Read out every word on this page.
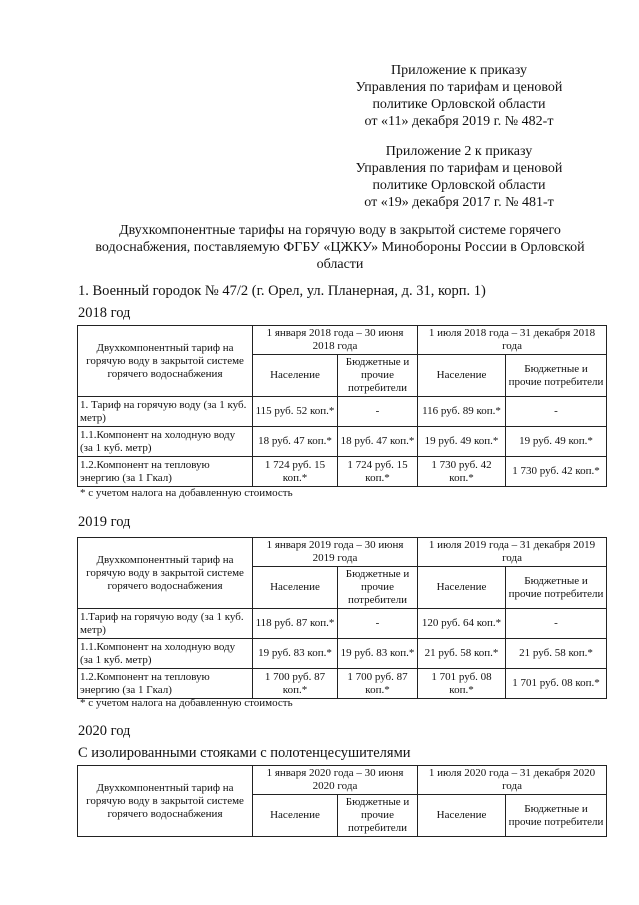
Приложение к приказу
Управления по тарифам и ценовой
политике Орловской области
от «11» декабря 2019 г. № 482-т
Приложение 2 к приказу
Управления по тарифам и ценовой
политике Орловской области
от «19» декабря 2017 г. № 481-т
Двухкомпонентные тарифы на горячую воду в закрытой системе горячего
водоснабжения, поставляемую ФГБУ «ЦЖКУ» Минобороны России в Орловской
области
1. Военный городок № 47/2 (г. Орел, ул. Планерная, д. 31, корп. 1)
2018 год
Двухкомпонентный тариф на горячую воду в закрытой системе горячего водоснабжения	1 января 2018 года – 30 июня 2018 года		1 июля 2018 года – 31 декабря 2018 года	
	Население	Бюджетные и прочие потребители	Население	Бюджетные и прочие потребители
1. Тариф на горячую воду (за 1 куб. метр)	115 руб. 52 коп.*	-	116 руб. 89 коп.*	-
1.1.Компонент на холодную воду (за 1 куб. метр)	18 руб. 47 коп.*	18 руб. 47 коп.*	19 руб. 49 коп.*	19 руб. 49 коп.*
1.2.Компонент на тепловую энергию (за 1 Гкал)	1 724 руб. 15 коп.*	1 724 руб. 15 коп.*	1 730 руб. 42 коп.*	1 730 руб. 42 коп.*
* с учетом налога на добавленную стоимость
2019 год
Двухкомпонентный тариф на горячую воду в закрытой системе горячего водоснабжения	1 января 2019 года – 30 июня 2019 года		1 июля 2019 года – 31 декабря 2019 года	
	Население	Бюджетные и прочие потребители	Население	Бюджетные и прочие потребители
1.Тариф на горячую воду (за 1 куб. метр)	118 руб. 87 коп.*	-	120 руб. 64 коп.*	-
1.1.Компонент на холодную воду (за 1 куб. метр)	19 руб. 83 коп.*	19 руб. 83 коп.*	21 руб. 58 коп.*	21 руб. 58 коп.*
1.2.Компонент на тепловую энергию (за 1 Гкал)	1 700 руб. 87 коп.*	1 700 руб. 87 коп.*	1 701 руб. 08 коп.*	1 701 руб. 08 коп.*
* с учетом налога на добавленную стоимость
2020 год
С изолированными стояками с полотенцесушителями
Двухкомпонентный тариф на горячую воду в закрытой системе горячего водоснабжения	1 января 2020 года – 30 июня 2020 года		1 июля 2020 года – 31 декабря 2020 года	
	Население	Бюджетные и прочие потребители	Население	Бюджетные и прочие потребители
